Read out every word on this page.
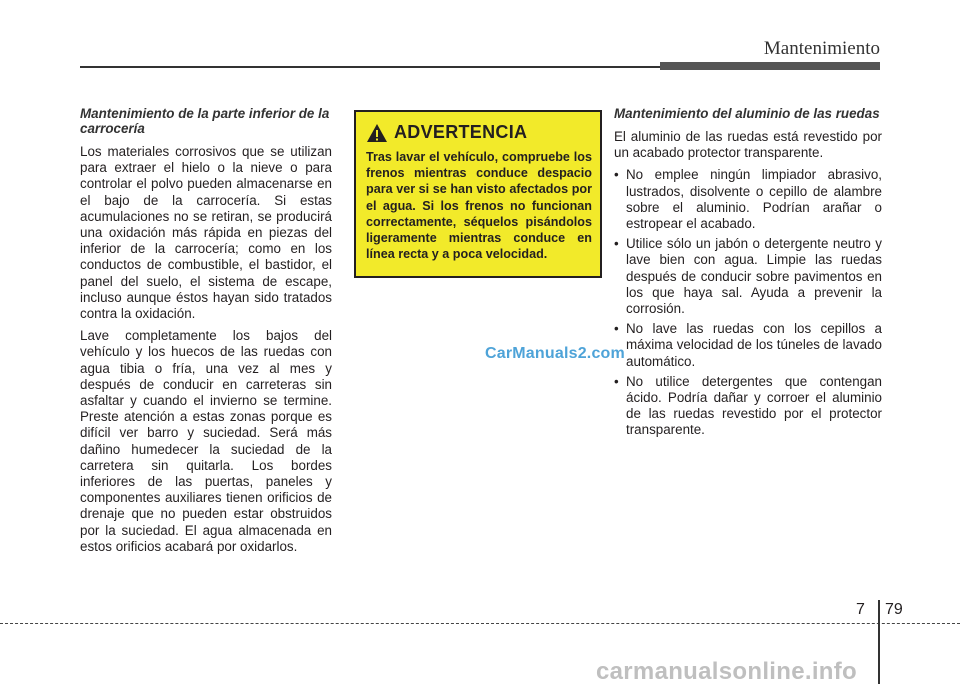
Mantenimiento
Mantenimiento de la parte inferior de la carrocería

Los materiales corrosivos que se utilizan para extraer el hielo o la nieve o para controlar el polvo pueden almacenarse en el bajo de la carrocería. Si estas acumulaciones no se retiran, se producirá una oxidación más rápida en piezas del inferior de la carrocería; como en los conductos de combustible, el bastidor, el panel del suelo, el sistema de escape, incluso aunque éstos hayan sido tratados contra la oxidación.

Lave completamente los bajos del vehículo y los huecos de las ruedas con agua tibia o fría, una vez al mes y después de conducir en carreteras sin asfaltar y cuando el invierno se termine. Preste atención a estas zonas porque es difícil ver barro y suciedad. Será más dañino humedecer la suciedad de la carretera sin quitarla. Los bordes inferiores de las puertas, paneles y componentes auxiliares tienen orificios de drenaje que no pueden estar obstruidos por la suciedad. El agua almacenada en estos orificios acabará por oxidarlos.

ADVERTENCIA

Tras lavar el vehículo, compruebe los frenos mientras conduce despacio para ver si se han visto afectados por el agua. Si los frenos no funcionan correctamente, séquelos pisándolos ligeramente mientras conduce en línea recta y a poca velocidad.

CarManuals2.com
Mantenimiento del aluminio de las ruedas

El aluminio de las ruedas está revestido por un acabado protector transparente.

• No emplee ningún limpiador abrasivo, lustrados, disolvente o cepillo de alambre sobre el aluminio. Podrían arañar o estropear el acabado.
• Utilice sólo un jabón o detergente neutro y lave bien con agua. Limpie las ruedas después de conducir sobre pavimentos en los que haya sal. Ayuda a prevenir la corrosión.
• No lave las ruedas con los cepillos a máxima velocidad de los túneles de lavado automático.
• No utilice detergentes que contengan ácido. Podría dañar y corroer el aluminio de las ruedas revestido por el protector transparente.
7 79
carmanualsonline.info
